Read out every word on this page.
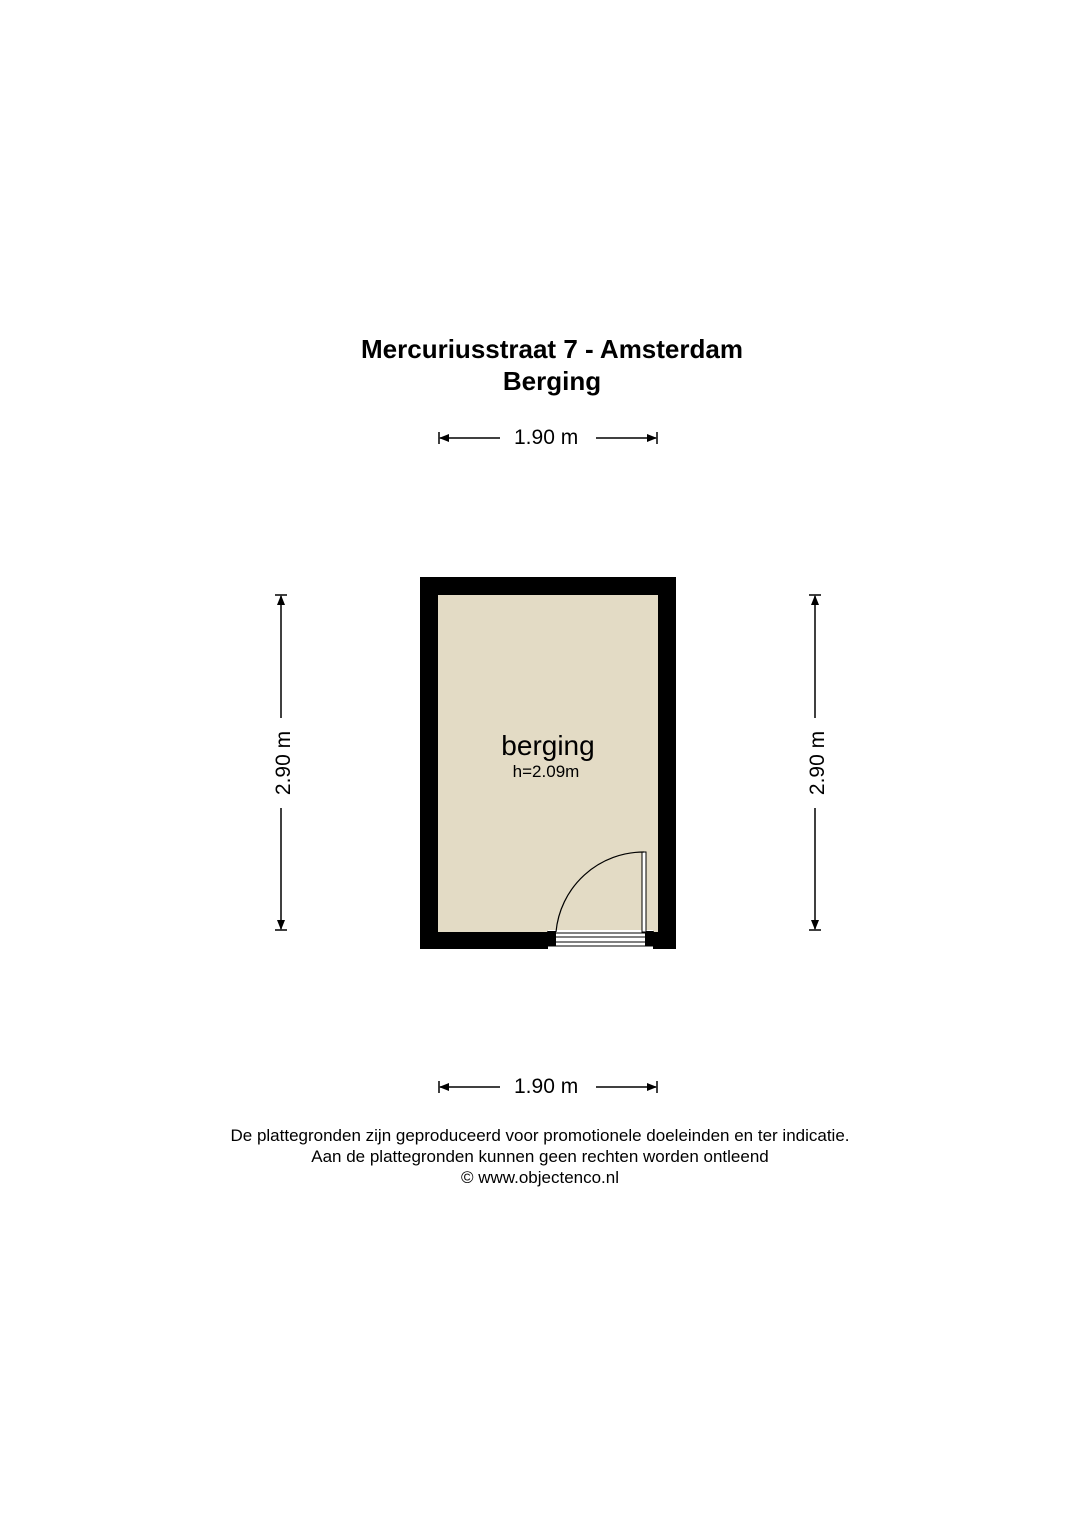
Mercuriusstraat 7 - Amsterdam
Berging
1.90 m
1.90 m
2.90 m	2.90 m
berging
h=2.09m
De plattegronden zijn geproduceerd voor promotionele doeleinden en ter indicatie.
Aan de plattegronden kunnen geen rechten worden ontleend
© www.objectenco.nl
